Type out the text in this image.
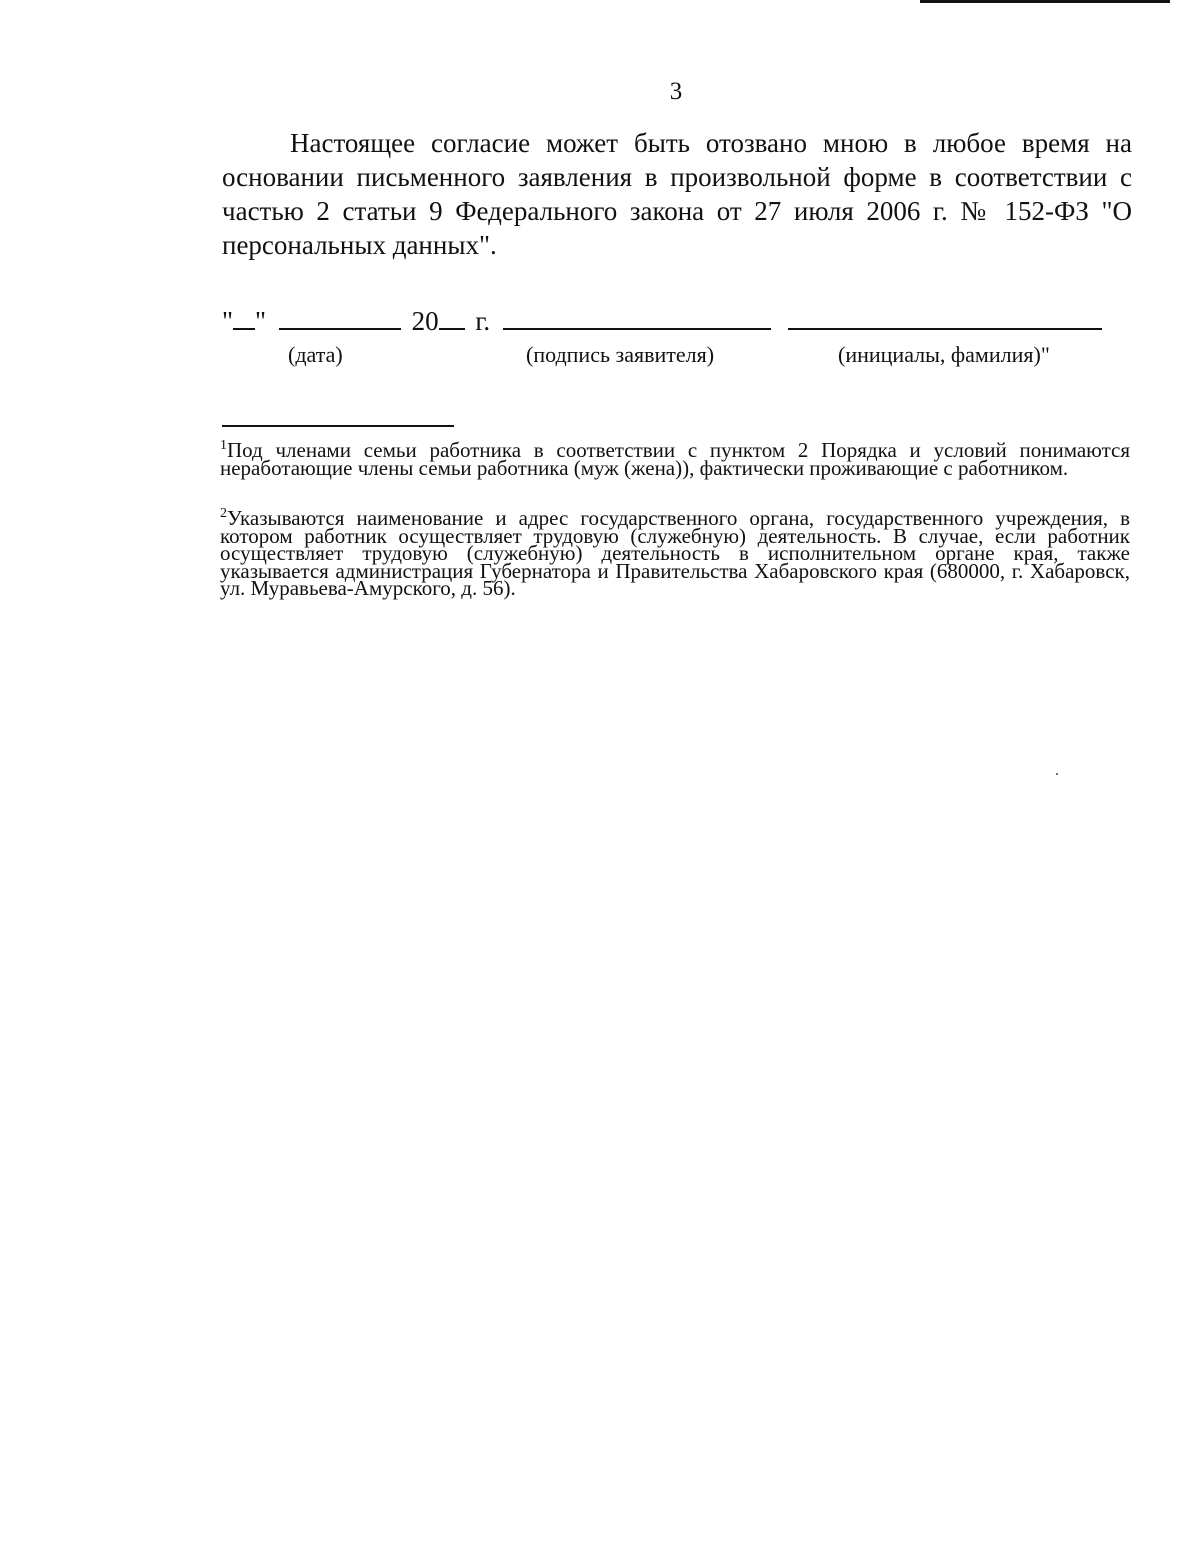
3

Настоящее согласие может быть отозвано мною в любое время на основании письменного заявления в произвольной форме в соответствии с частью 2 статьи 9 Федерального закона от 27 июля 2006 г. № 152-ФЗ "О персональных данных".

" "	20 г.
(дата)	(подпись заявителя)	(инициалы, фамилия)"

$^1$Под членами семьи работника в соответствии с пунктом 2 Порядка и условий понимаются неработающие члены семьи работника (муж (жена)), фактически проживающие с работником.

$^2$Указываются наименование и адрес государственного органа, государственного учреждения, в котором работник осуществляет трудовую (служебную) деятельность. В случае, если работник осуществляет трудовую (служебную) деятельность в исполнительном органе края, также указывается администрация Губернатора и Правительства Хабаровского края (680000, г. Хабаровск, ул. Муравьева-Амурского, д. 56).
